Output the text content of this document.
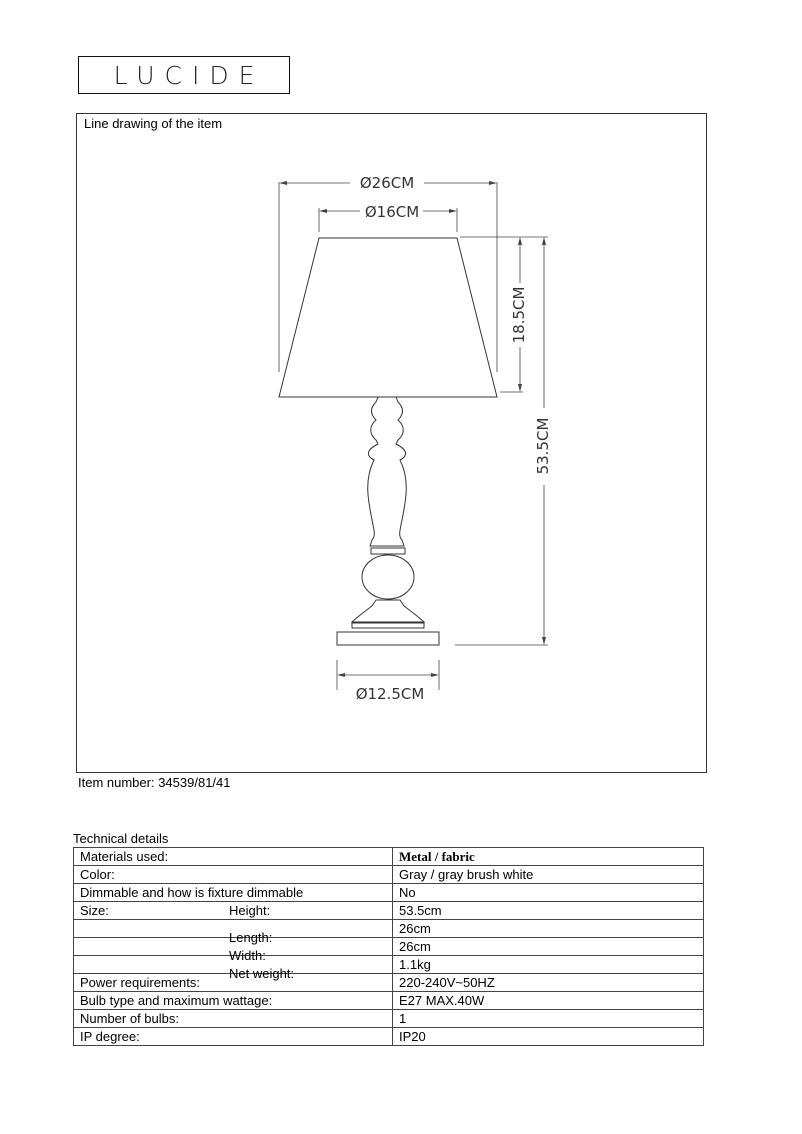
LUCIDE
Line drawing of the item
Ø26CM
Ø16CM
18.5CM
53.5CM
Ø12.5CM
Item number: 34539/81/41
Technical details
Materials used:	Metal / fabric
Color:	Gray / gray brush white
Dimmable and how is fixture dimmable	No
Size: Height:	53.5cm

Length:	26cm

Width:	26cm

Net weight:	1.1kg
Power requirements:	220-240V~50HZ
Bulb type and maximum wattage:	E27 MAX.40W
Number of bulbs:	1
IP degree:	IP20
